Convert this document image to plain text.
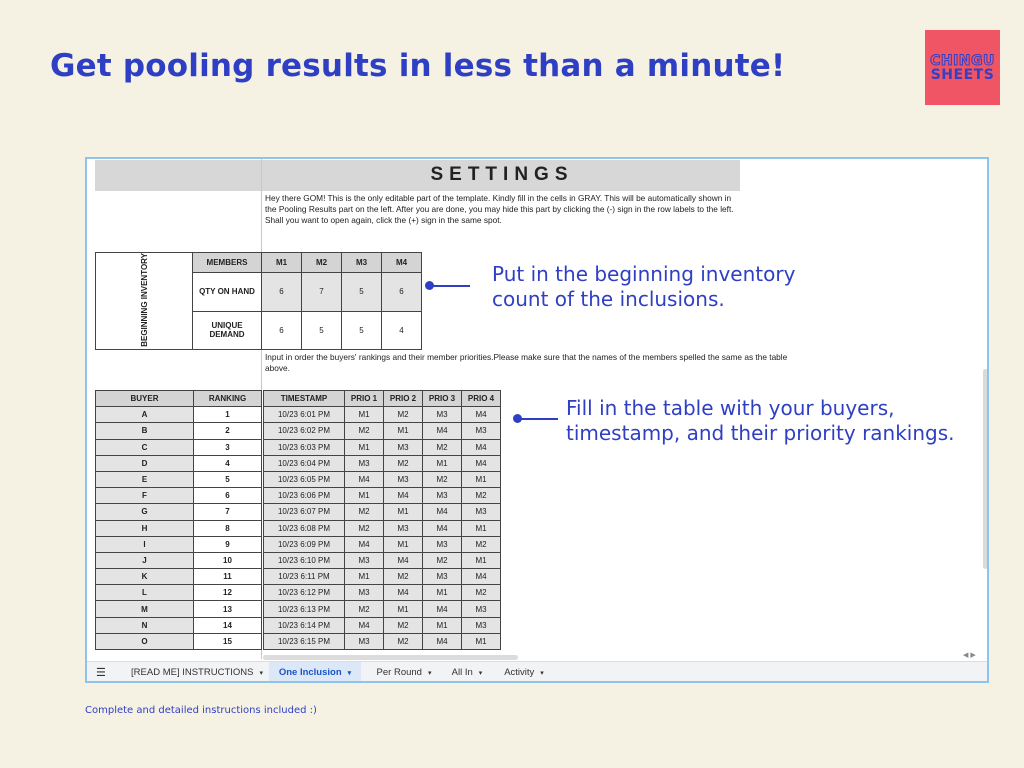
Get pooling results in less than a minute!	CHINGU
SHEETS
SETTINGS
Hey there GOM! This is the only editable part of the template. Kindly fill in the cells in GRAY. This will be automatically shown in the Pooling Results part on the left. After you are done, you may hide this part by clicking the (-) sign in the row labels to the left. Shall you want to open again, click the (+) sign in the same spot.
BEGINNING INVENTORY	MEMBERS	M1	M2	M3	M4
	QTY ON HAND	6	7	5	6
	UNIQUE DEMAND	6	5	5	4
Input in order the buyers' rankings and their member priorities.Please make sure that the names of the members spelled the same as the table above.
BUYER	RANKING
A	1
B	2
C	3
D	4
E	5
F	6
G	7
H	8
I	9
J	10
K	11
L	12
M	13
N	14
O	15
TIMESTAMP	PRIO 1	PRIO 2	PRIO 3	PRIO 4
10/23 6:01 PM	M1	M2	M3	M4
10/23 6:02 PM	M2	M1	M4	M3
10/23 6:03 PM	M1	M3	M2	M4
10/23 6:04 PM	M3	M2	M1	M4
10/23 6:05 PM	M4	M3	M2	M1
10/23 6:06 PM	M1	M4	M3	M2
10/23 6:07 PM	M2	M1	M4	M3
10/23 6:08 PM	M2	M3	M4	M1
10/23 6:09 PM	M4	M1	M3	M2
10/23 6:10 PM	M3	M4	M2	M1
10/23 6:11 PM	M1	M2	M3	M4
10/23 6:12 PM	M3	M4	M1	M2
10/23 6:13 PM	M2	M1	M4	M3
10/23 6:14 PM	M4	M2	M1	M3
10/23 6:15 PM	M3	M2	M4	M1
◀ ▶
☰	[READ ME] INSTRUCTIONS ▾	One Inclusion ▾	Per Round ▾	All In ▾	Activity ▾
Put in the beginning inventory
count of the inclusions.
Fill in the table with your buyers,
timestamp, and their priority rankings.
Complete and detailed instructions included :)
